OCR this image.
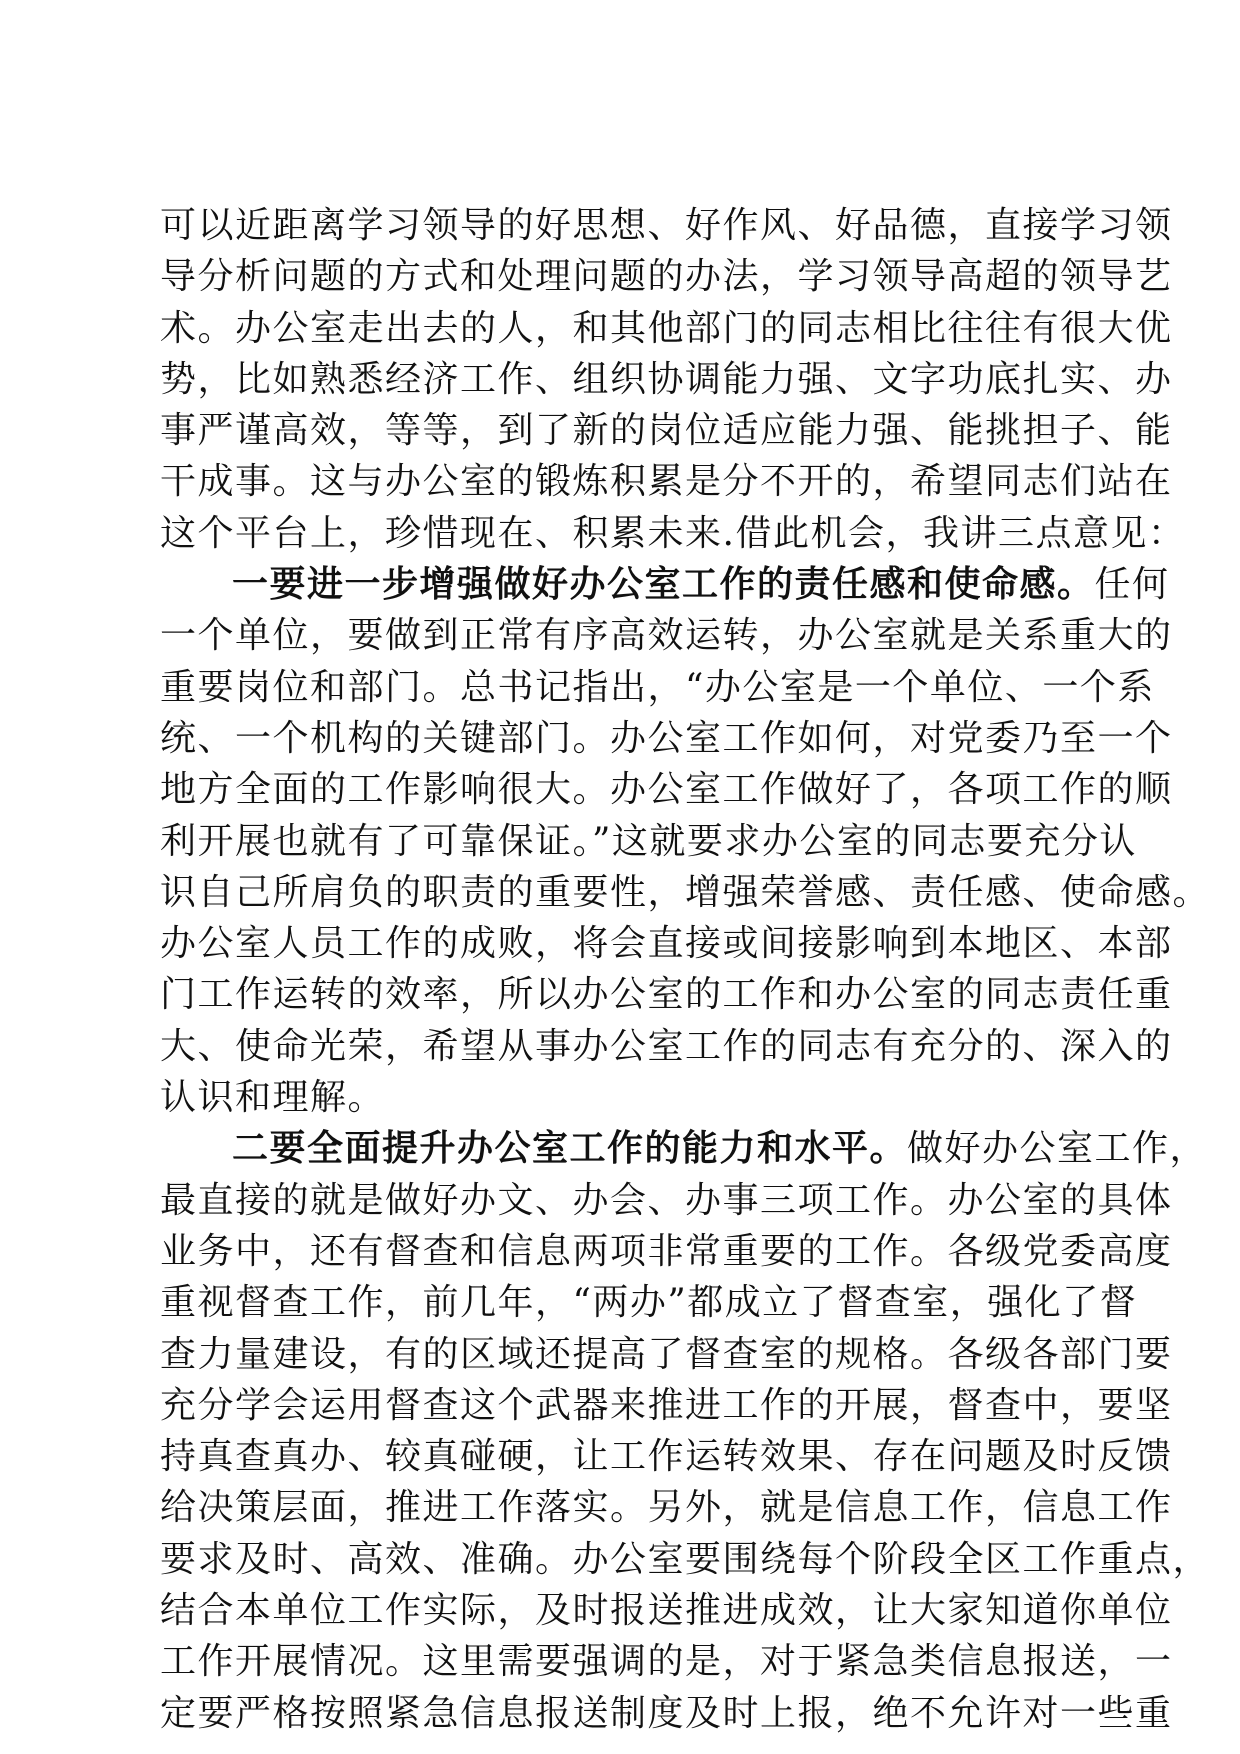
可以近距离学习领导的好思想、好作风、好品德，直接学习领
导分析问题的方式和处理问题的办法，学习领导高超的领导艺
术。办公室走出去的人，和其他部门的同志相比往往有很大优
势，比如熟悉经济工作、组织协调能力强、文字功底扎实、办
事严谨高效，等等，到了新的岗位适应能力强、能挑担子、能
干成事。这与办公室的锻炼积累是分不开的，希望同志们站在
这个平台上，珍惜现在、积累未来.借此机会，我讲三点意见：
一要进一步增强做好办公室工作的责任感和使命感。任何
一个单位，要做到正常有序高效运转，办公室就是关系重大的
重要岗位和部门。总书记指出，“办公室是一个单位、一个系
统、一个机构的关键部门。办公室工作如何，对党委乃至一个
地方全面的工作影响很大。办公室工作做好了，各项工作的顺
利开展也就有了可靠保证。”这就要求办公室的同志要充分认
识自己所肩负的职责的重要性，增强荣誉感、责任感、使命感。
办公室人员工作的成败，将会直接或间接影响到本地区、本部
门工作运转的效率，所以办公室的工作和办公室的同志责任重
大、使命光荣，希望从事办公室工作的同志有充分的、深入的
认识和理解。
二要全面提升办公室工作的能力和水平。做好办公室工作，
最直接的就是做好办文、办会、办事三项工作。办公室的具体
业务中，还有督查和信息两项非常重要的工作。各级党委高度
重视督查工作，前几年，“两办”都成立了督查室，强化了督
查力量建设，有的区域还提高了督查室的规格。各级各部门要
充分学会运用督查这个武器来推进工作的开展，督查中，要坚
持真查真办、较真碰硬，让工作运转效果、存在问题及时反馈
给决策层面，推进工作落实。另外，就是信息工作，信息工作
要求及时、高效、准确。办公室要围绕每个阶段全区工作重点，
结合本单位工作实际，及时报送推进成效，让大家知道你单位
工作开展情况。这里需要强调的是，对于紧急类信息报送，一
定要严格按照紧急信息报送制度及时上报，绝不允许对一些重
